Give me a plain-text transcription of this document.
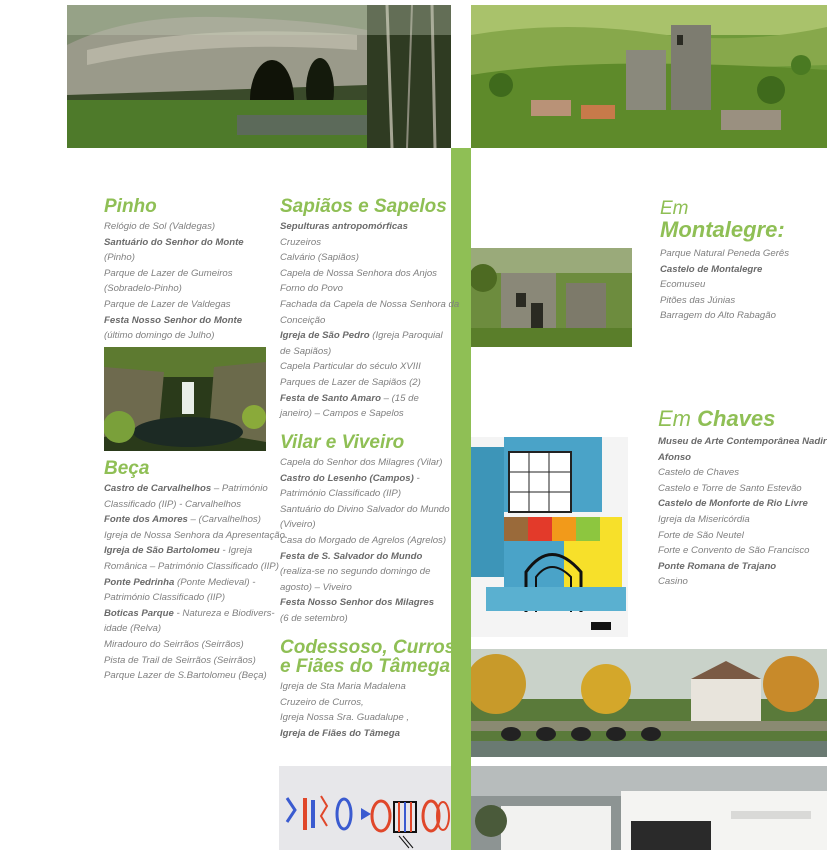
Pinho
Relógio de Sol (Valdegas)
Santuário do Senhor do Monte
(Pinho)
Parque de Lazer de Gumeiros
(Sobradelo-Pinho)
Parque de Lazer de Valdegas
Festa Nosso Senhor do Monte
(último domingo de Julho)
Beça
Castro de Carvalhelhos – Património
Classificado (IIP) - Carvalhelhos
Fonte dos Amores – (Carvalhelhos)
Igreja de Nossa Senhora da Apresentação
Igreja de São Bartolomeu - Igreja
Românica – Património Classificado (IIP)
Ponte Pedrinha (Ponte Medieval) -
Património Classificado (IIP)
Boticas Parque - Natureza e Biodivers-
idade (Relva)
Miradouro do Seirrãos (Seirrãos)
Pista de Trail de Seirrãos (Seirrãos)
Parque Lazer de S.Bartolomeu (Beça)
Sapiãos e Sapelos
Sepulturas antropomórficas
Cruzeiros
Calvário (Sapiãos)
Capela de Nossa Senhora dos Anjos
Forno do Povo
Fachada da Capela de Nossa Senhora da
Conceição
Igreja de São Pedro (Igreja Paroquial
de Sapiãos)
Capela Particular do século XVIII
Parques de Lazer de Sapiãos (2)
Festa de Santo Amaro – (15 de
janeiro) – Campos e Sapelos
Vilar e Viveiro
Capela do Senhor dos Milagres (Vilar)
Castro do Lesenho (Campos) -
Património Classificado (IIP)
Santuário do Divino Salvador do Mundo
(Viveiro)
Casa do Morgado de Agrelos (Agrelos)
Festa de S. Salvador do Mundo
(realiza-se no segundo domingo de
agosto) – Viveiro
Festa Nosso Senhor dos Milagres
(6 de setembro)
Codessoso, Curros
e Fiães do Tâmega
Igreja de Sta Maria Madalena
Cruzeiro de Curros,
Igreja Nossa Sra. Guadalupe ,
Igreja de Fiães do Tâmega
Em
Montalegre:
Parque Natural Peneda Gerês
Castelo de Montalegre
Ecomuseu
Pitões das Júnias
Barragem do Alto Rabagão
Em Chaves
Museu de Arte Contemporânea Nadir
Afonso
Castelo de Chaves
Castelo e Torre de Santo Estevão
Castelo de Monforte de Rio Livre
Igreja da Misericórdia
Forte de São Neutel
Forte e Convento de São Francisco
Ponte Romana de Trajano
Casino
